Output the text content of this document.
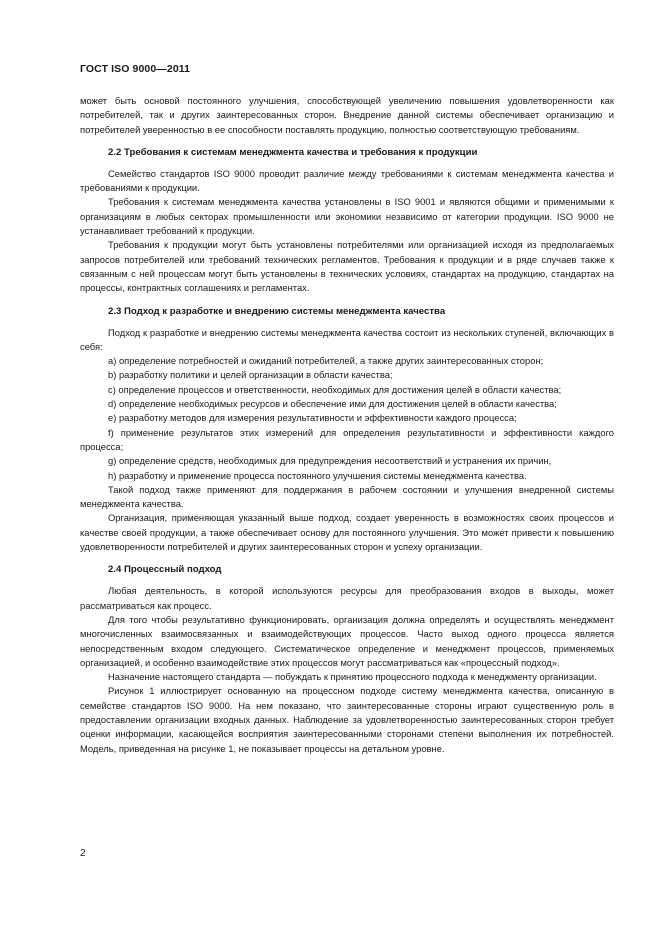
ГОСТ ISO 9000—2011

может быть основой постоянного улучшения, способствующей увеличению повышения удовлетворенности как потребителей, так и других заинтересованных сторон. Внедрение данной системы обеспечивает организацию и потребителей уверенностью в ее способности поставлять продукцию, полностью соответствующую требованиям.

2.2 Требования к системам менеджмента качества и требования к продукции

Семейство стандартов ISO 9000 проводит различие между требованиями к системам менеджмента качества и требованиями к продукции.

Требования к системам менеджмента качества установлены в ISO 9001 и являются общими и применимыми к организациям в любых секторах промышленности или экономики независимо от категории продукции. ISO 9000 не устанавливает требований к продукции.

Требования к продукции могут быть установлены потребителями или организацией исходя из предполагаемых запросов потребителей или требований технических регламентов. Требования к продукции и в ряде случаев также к связанным с ней процессам могут быть установлены в технических условиях, стандартах на продукцию, стандартах на процессы, контрактных соглашениях и регламентах.

2.3 Подход к разработке и внедрению системы менеджмента качества

Подход к разработке и внедрению системы менеджмента качества состоит из нескольких ступеней, включающих в себя:

a) определение потребностей и ожиданий потребителей, а также других заинтересованных сторон;

b) разработку политики и целей организации в области качества;

c) определение процессов и ответственности, необходимых для достижения целей в области качества;

d) определение необходимых ресурсов и обеспечение ими для достижения целей в области качества;

e) разработку методов для измерения результативности и эффективности каждого процесса;

f) применение результатов этих измерений для определения результативности и эффективности каждого процесса;

g) определение средств, необходимых для предупреждения несоответствий и устранения их причин,

h) разработку и применение процесса постоянного улучшения системы менеджмента качества.

Такой подход также применяют для поддержания в рабочем состоянии и улучшения внедренной системы менеджмента качества.

Организация, применяющая указанный выше подход, создает уверенность в возможностях своих процессов и качестве своей продукции, а также обеспечивает основу для постоянного улучшения. Это может привести к повышению удовлетворенности потребителей и других заинтересованных сторон и успеху организации.

2.4 Процессный подход

Любая деятельность, в которой используются ресурсы для преобразования входов в выходы, может рассматриваться как процесс.

Для того чтобы результативно функционировать, организация должна определять и осуществлять менеджмент многочисленных взаимосвязанных и взаимодействующих процессов. Часто выход одного процесса является непосредственным входом следующего. Систематическое определение и менеджмент процессов, применяемых организацией, и особенно взаимодействие этих процессов могут рассматриваться как «процессный подход».

Назначение настоящего стандарта — побуждать к принятию процессного подхода к менеджменту организации.

Рисунок 1 иллюстрирует основанную на процессном подходе систему менеджмента качества, описанную в семействе стандартов ISO 9000. На нем показано, что заинтересованные стороны играют существенную роль в предоставлении организации входных данных. Наблюдение за удовлетворенностью заинтересованных сторон требует оценки информации, касающейся восприятия заинтересованными сторонами степени выполнения их потребностей. Модель, приведенная на рисунке 1, не показывает процессы на детальном уровне.

2
